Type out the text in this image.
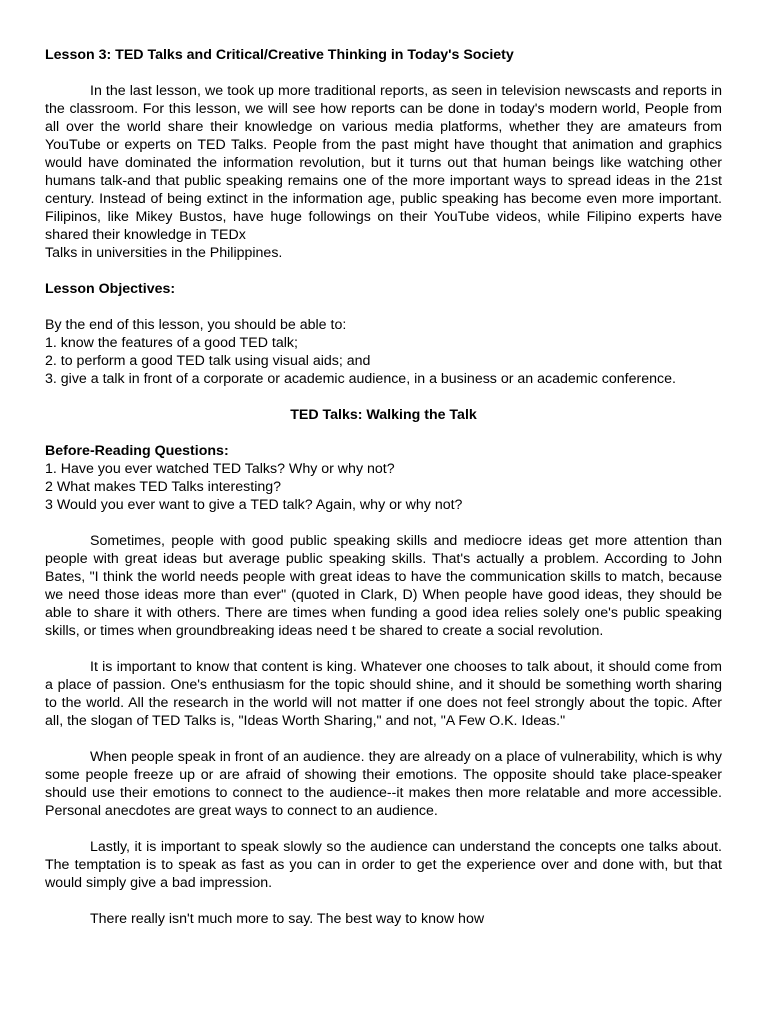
Lesson 3: TED Talks and Critical/Creative Thinking in Today's Society

In the last lesson, we took up more traditional reports, as seen in television newscasts and reports in the classroom. For this lesson, we will see how reports can be done in today's modern world, People from all over the world share their knowledge on various media platforms, whether they are amateurs from YouTube or experts on TED Talks. People from the past might have thought that animation and graphics would have dominated the information revolution, but it turns out that human beings like watching other humans talk-and that public speaking remains one of the more important ways to spread ideas in the 21st century. Instead of being extinct in the information age, public speaking has become even more important. Filipinos, like Mikey Bustos, have huge followings on their YouTube videos, while Filipino experts have shared their knowledge in TEDx

Talks in universities in the Philippines.

Lesson Objectives:

By the end of this lesson, you should be able to:

1. know the features of a good TED talk;

2. to perform a good TED talk using visual aids; and

3. give a talk in front of a corporate or academic audience, in a business or an academic conference.

TED Talks: Walking the Talk

Before-Reading Questions:

1. Have you ever watched TED Talks? Why or why not?

2 What makes TED Talks interesting?

3 Would you ever want to give a TED talk? Again, why or why not?

Sometimes, people with good public speaking skills and mediocre ideas get more attention than people with great ideas but average public speaking skills. That's actually a problem. According to John Bates, "I think the world needs people with great ideas to have the communication skills to match, because we need those ideas more than ever" (quoted in Clark, D) When people have good ideas, they should be able to share it with others. There are times when funding a good idea relies solely one's public speaking skills, or times when groundbreaking ideas need t be shared to create a social revolution.

It is important to know that content is king. Whatever one chooses to talk about, it should come from a place of passion. One's enthusiasm for the topic should shine, and it should be something worth sharing to the world. All the research in the world will not matter if one does not feel strongly about the topic. After all, the slogan of TED Talks is, "Ideas Worth Sharing," and not, "A Few O.K. Ideas."

When people speak in front of an audience. they are already on a place of vulnerability, which is why some people freeze up or are afraid of showing their emotions. The opposite should take place-speaker should use their emotions to connect to the audience--it makes then more relatable and more accessible. Personal anecdotes are great ways to connect to an audience.

Lastly, it is important to speak slowly so the audience can understand the concepts one talks about. The temptation is to speak as fast as you can in order to get the experience over and done with, but that would simply give a bad impression.

There really isn't much more to say. The best way to know how
